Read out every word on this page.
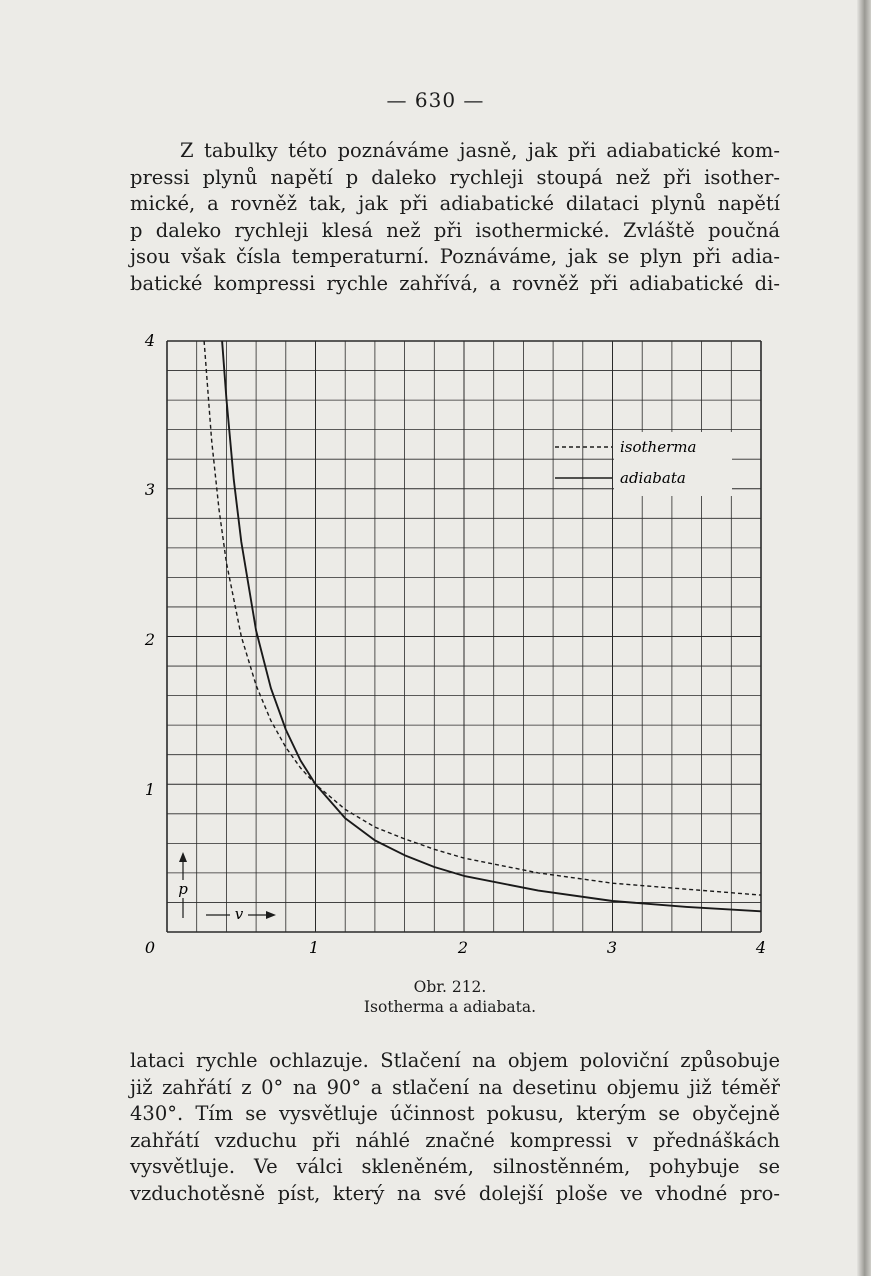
— 630 —

Z tabulky této poznáváme jasně, jak při adiabatické kom-
pressi plynů napětí p daleko rychleji stoupá než při isother-
mické, a rovněž tak, jak při adiabatické dilataci plynů napětí
p daleko rychleji klesá než při isothermické. Zvláště poučná
jsou však čísla temperaturní. Poznáváme, jak se plyn při adia-
batické kompressi rychle zahřívá, a rovněž při adiabatické di-

isotherma
adiabata
0	1	2	3	4
1
2
3
4
p
v
Obr. 212.
Isotherma a adiabata.

lataci rychle ochlazuje. Stlačení na objem poloviční způsobuje
již zahřátí z 0° na 90° a stlačení na desetinu objemu již téměř
430°. Tím se vysvětluje účinnost pokusu, kterým se obyčejně
zahřátí vzduchu při náhlé značné kompressi v přednáškách
vysvětluje. Ve válci skleněném, silnostěnném, pohybuje se
vzduchotěsně píst, který na své dolejší ploše ve vhodné pro-
